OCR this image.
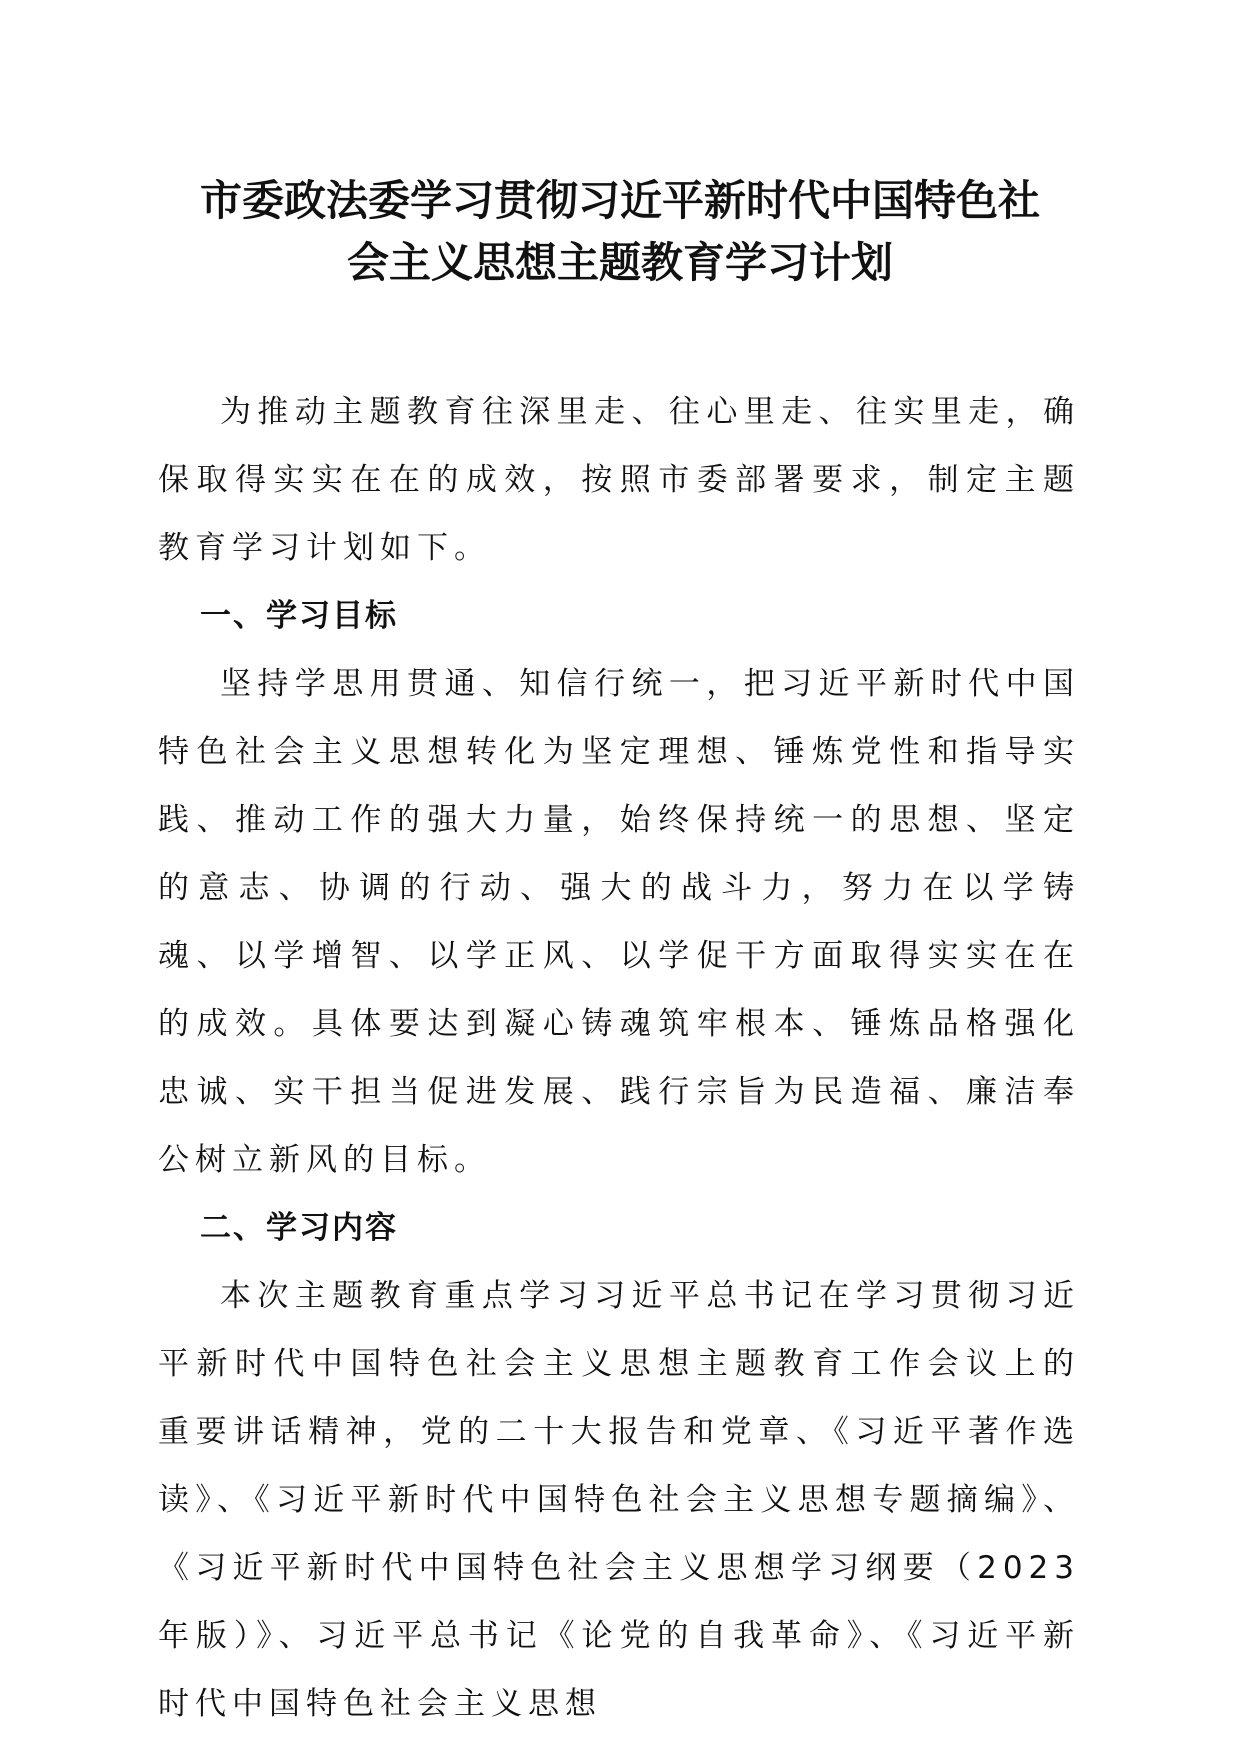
市委政法委学习贯彻习近平新时代中国特色社
会主义思想主题教育学习计划

为推动主题教育往深里走、往心里走、往实里走，确保取得实实在在的成效，按照市委部署要求，制定主题教育学习计划如下。

一、学习目标

坚持学思用贯通、知信行统一，把习近平新时代中国特色社会主义思想转化为坚定理想、锤炼党性和指导实践、推动工作的强大力量，始终保持统一的思想、坚定的意志、协调的行动、强大的战斗力，努力在以学铸魂、以学增智、以学正风、以学促干方面取得实实在在的成效。具体要达到凝心铸魂筑牢根本、锤炼品格强化忠诚、实干担当促进发展、践行宗旨为民造福、廉洁奉公树立新风的目标。

二、学习内容

本次主题教育重点学习习近平总书记在学习贯彻习近平新时代中国特色社会主义思想主题教育工作会议上的重要讲话精神，党的二十大报告和党章、《习近平著作选读》、《习近平新时代中国特色社会主义思想专题摘编》、《习近平新时代中国特色社会主义思想学习纲要（2023年版）》、习近平总书记《论党的自我革命》、《习近平新时代中国特色社会主义思想
